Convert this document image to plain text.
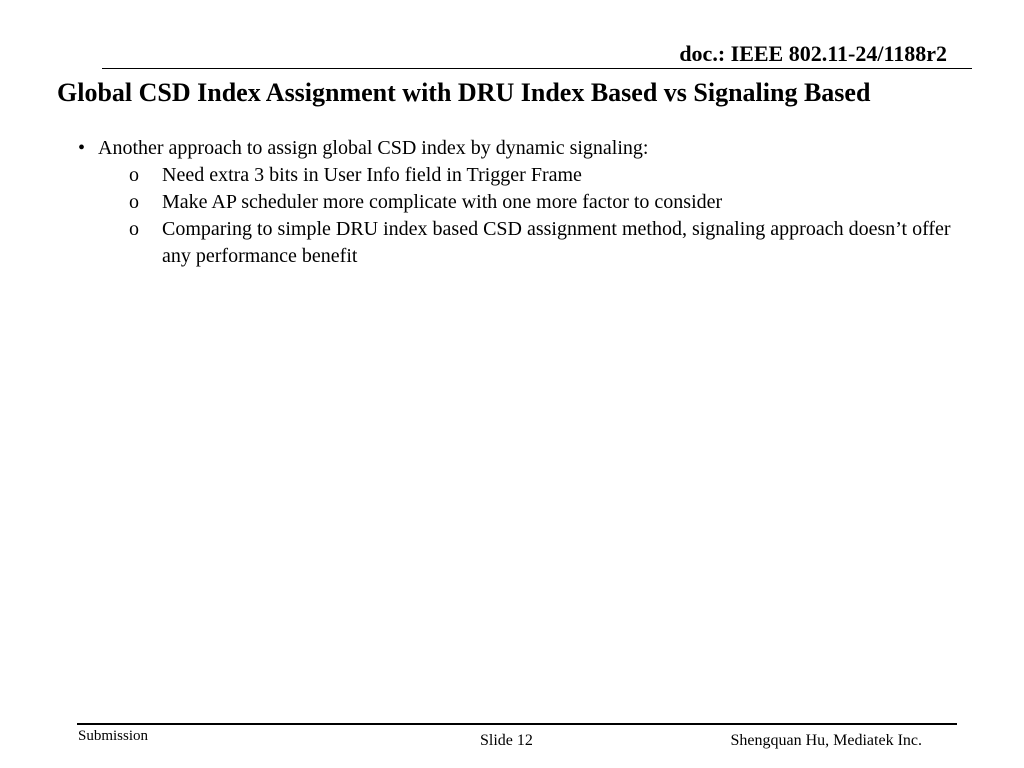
doc.: IEEE 802.11-24/1188r2
Global CSD Index Assignment with DRU Index Based vs Signaling Based
• Another approach to assign global CSD index by dynamic signaling:
o	Need extra 3 bits in User Info field in Trigger Frame
o	Make AP scheduler more complicate with one more factor to consider
o	Comparing to simple DRU index based CSD assignment method, signaling approach doesn’t offer any performance benefit
Submission	Slide 12	Shengquan Hu, Mediatek Inc.
